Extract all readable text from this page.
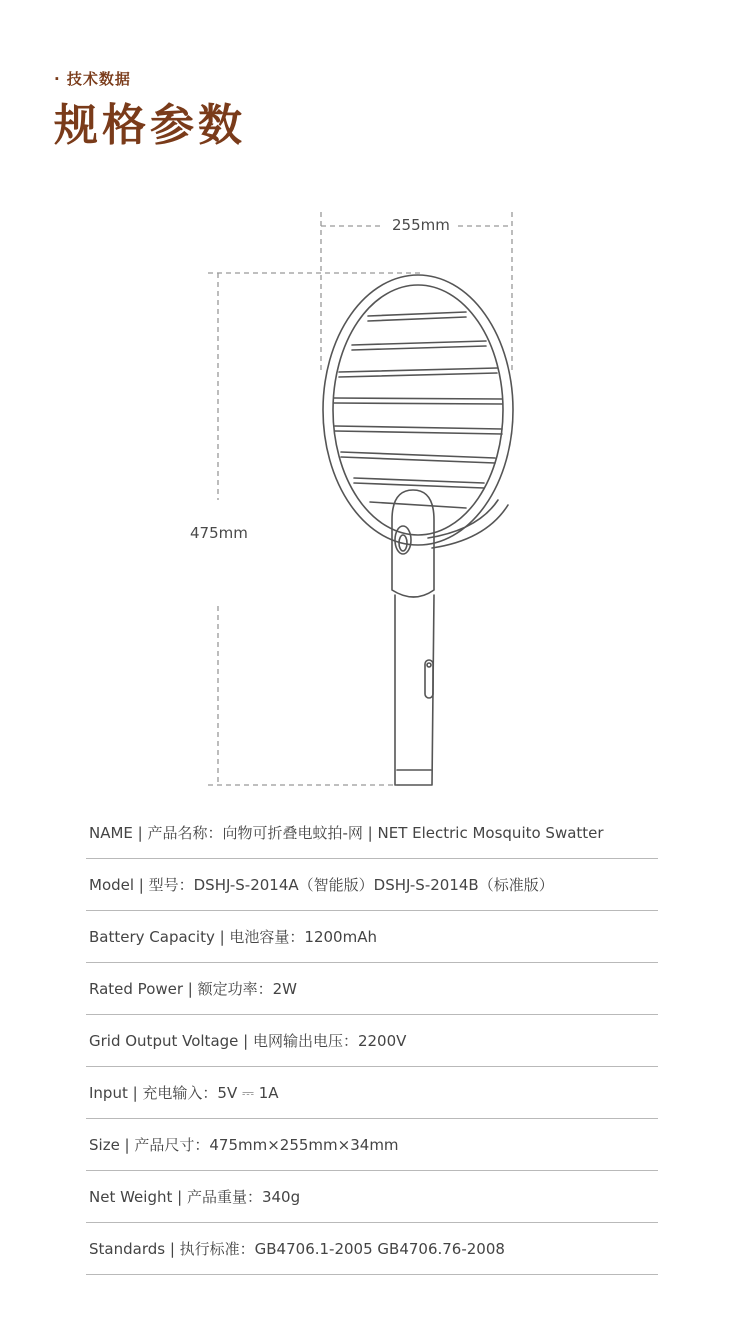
· 技术数据
规格参数
255mm
475mm
NAME | 产品名称：向物可折叠电蚊拍-网 | NET Electric Mosquito Swatter
Model | 型号：DSHJ-S-2014A（智能版）DSHJ-S-2014B（标准版）
Battery Capacity | 电池容量：1200mAh
Rated Power | 额定功率：2W
Grid Output Voltage | 电网输出电压：2200V
Input | 充电输入：5V ⎓ 1A
Size | 产品尺寸：475mm×255mm×34mm
Net Weight | 产品重量：340g
Standards | 执行标准：GB4706.1-2005 GB4706.76-2008
